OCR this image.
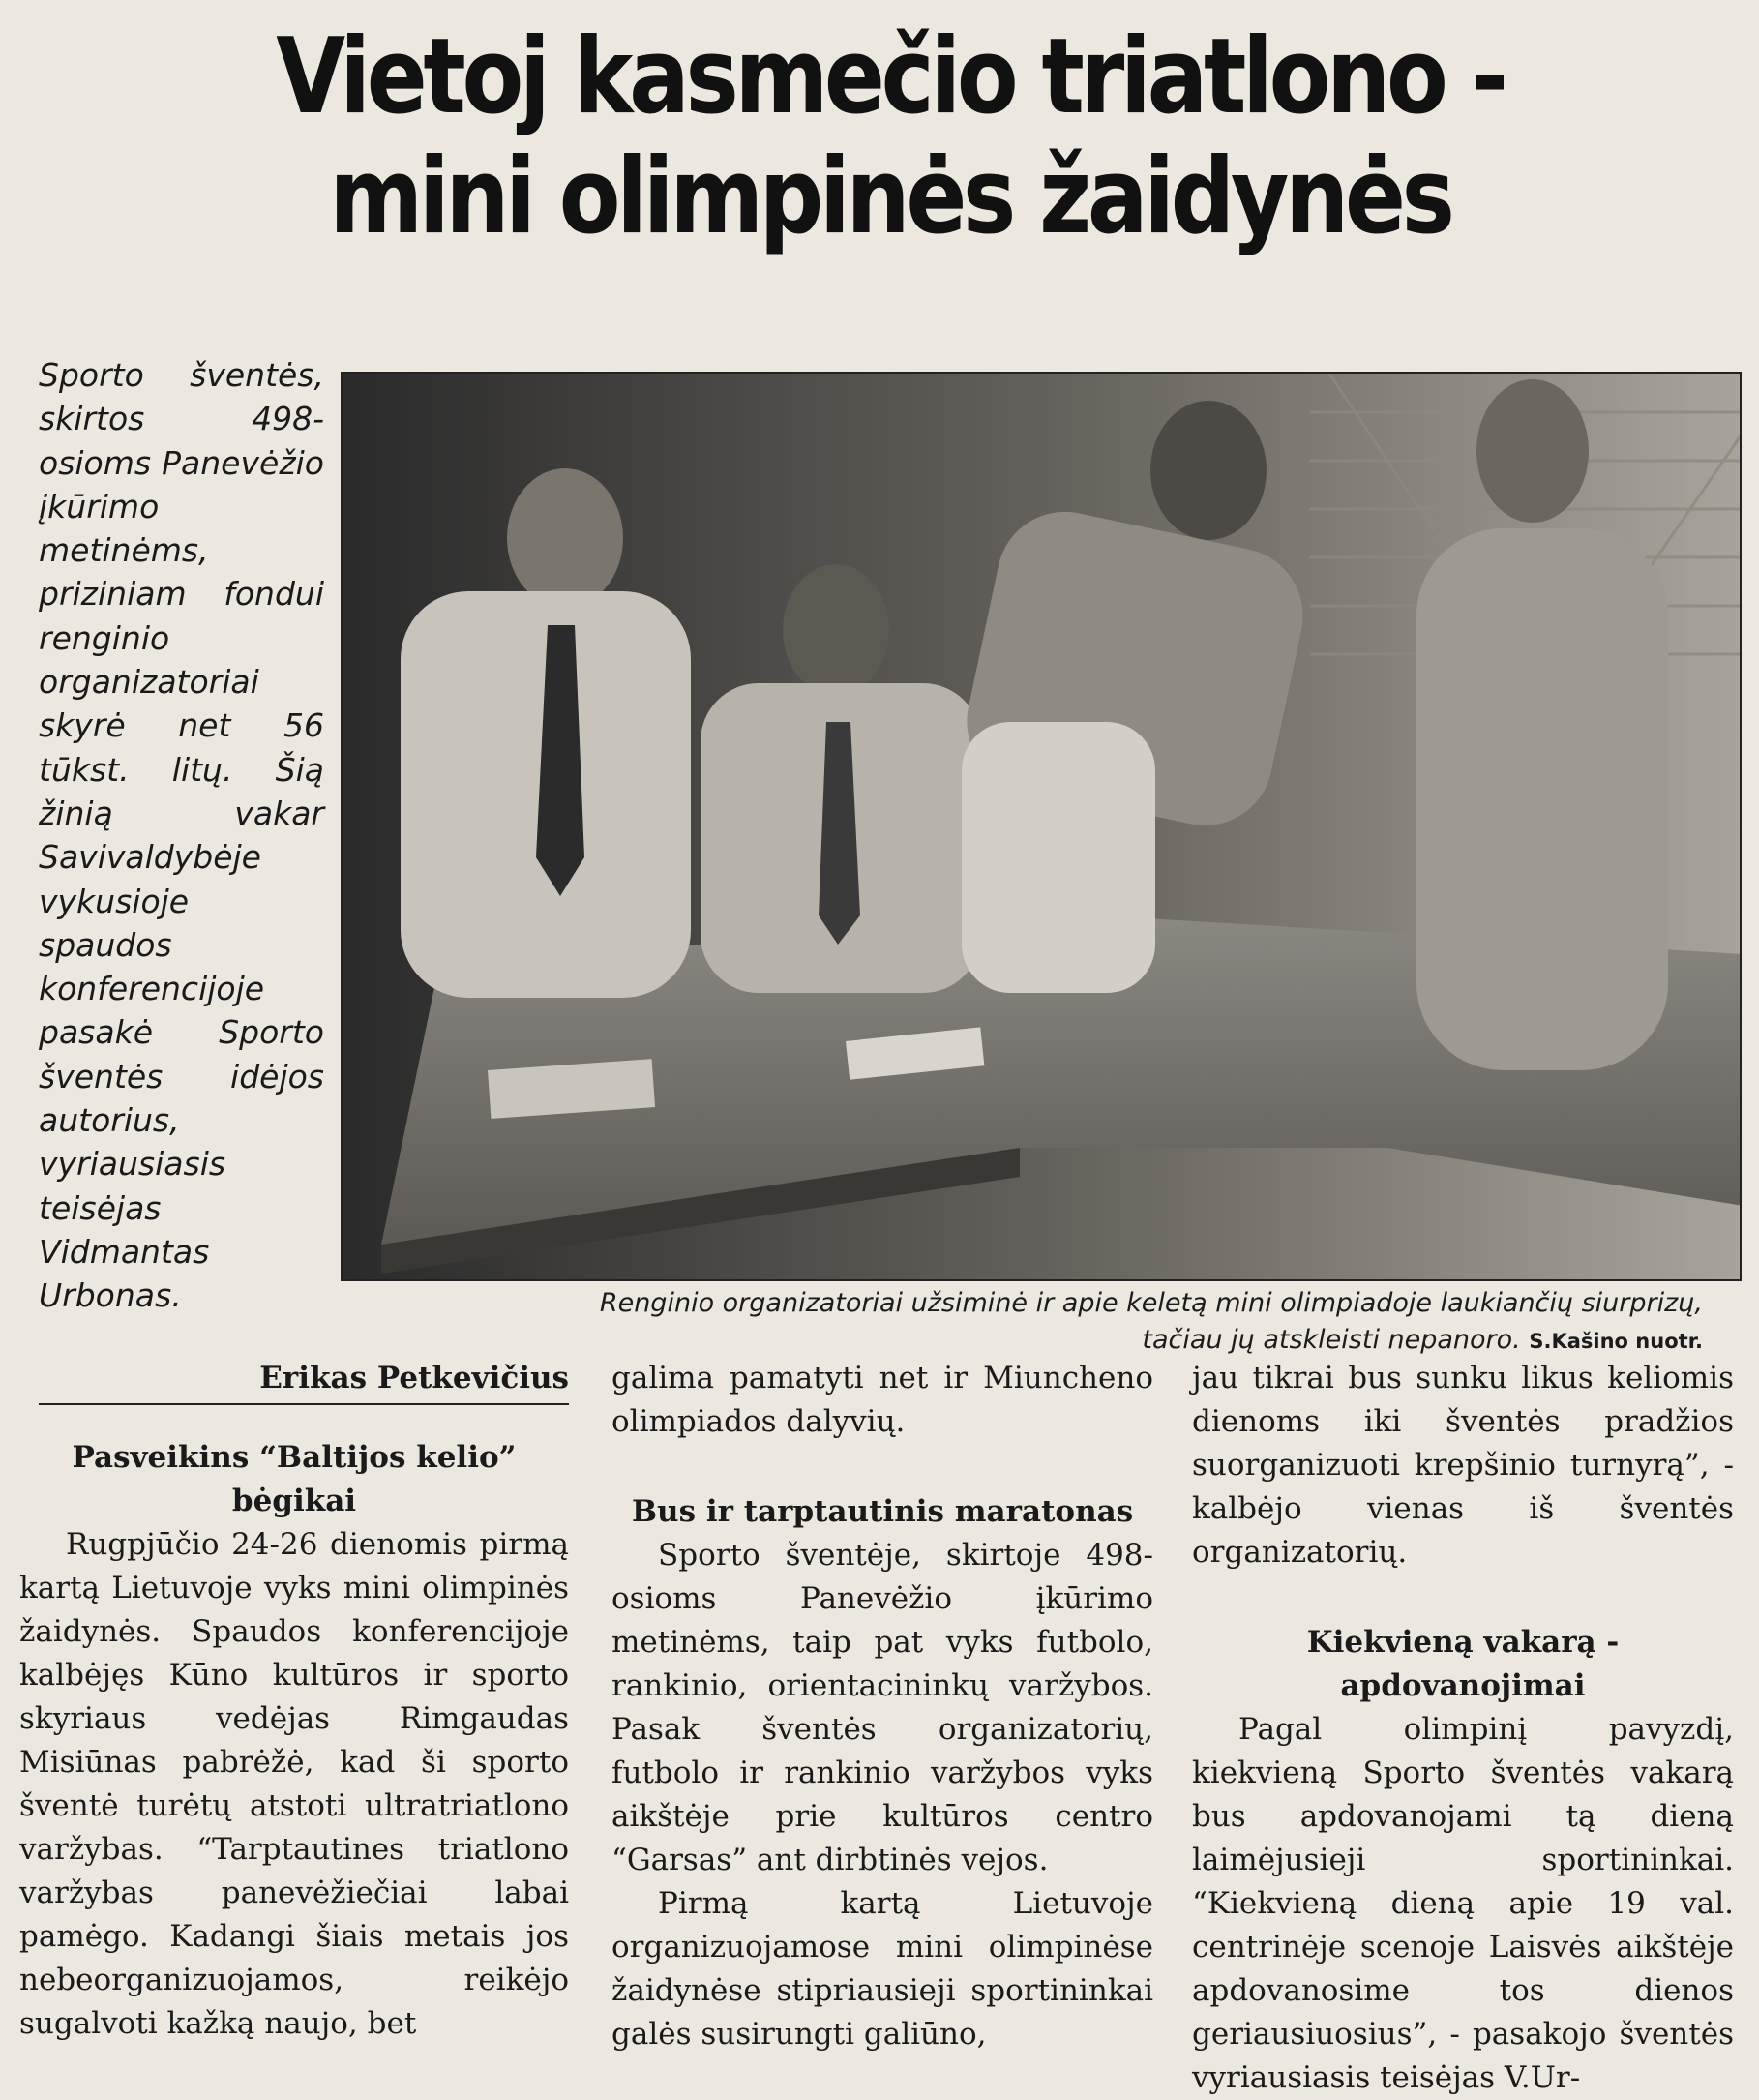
Vietoj kasmečio triatlono -
mini olimpinės žaidynės
Sporto šventės, skirtos 498-osioms Panevėžio įkūrimo metinėms, priziniam fondui renginio organizatoriai skyrė net 56 tūkst. litų. Šią žinią vakar Savivaldybėje vykusioje spaudos konferencijoje pasakė Sporto šventės idėjos autorius, vyriausiasis teisėjas Vidmantas Urbonas.	Renginio organizatoriai užsiminė ir apie keletą mini olimpiadoje laukiančių siurprizų, tačiau jų atskleisti nepanoro. S.Kašino nuotr.
Erikas Petkevičius
Pasveikins “Baltijos kelio” bėgikai

Rugpjūčio 24-26 dienomis pirmą kartą Lietuvoje vyks mini olimpinės žaidynės. Spaudos konferencijoje kalbėjęs Kūno kultūros ir sporto skyriaus vedėjas Rimgaudas Misiūnas pabrėžė, kad ši sporto šventė turėtų atstoti ultratriatlono varžybas. “Tarptautines triatlono varžybas panevėžiečiai labai pamėgo. Kadangi šiais metais jos nebeorganizuojamos, reikėjo sugalvoti kažką naujo, bet

galima pamatyti net ir Miuncheno olimpiados dalyvių.

Bus ir tarptautinis maratonas

Sporto šventėje, skirtoje 498-osioms Panevėžio įkūrimo metinėms, taip pat vyks futbolo, rankinio, orientacininkų varžybos. Pasak šventės organizatorių, futbolo ir rankinio varžybos vyks aikštėje prie kultūros centro “Garsas” ant dirbtinės vejos.

Pirmą kartą Lietuvoje organizuojamose mini olimpinėse žaidynėse stipriausieji sportininkai galės susirungti galiūno,

jau tikrai bus sunku likus keliomis dienoms iki šventės pradžios suorganizuoti krepšinio turnyrą”, - kalbėjo vienas iš šventės organizatorių.

Kiekvieną vakarą - apdovanojimai

Pagal olimpinį pavyzdį, kiekvieną Sporto šventės vakarą bus apdovanojami tą dieną laimėjusieji sportininkai. “Kiekvieną dieną apie 19 val. centrinėje scenoje Laisvės aikštėje apdovanosime tos dienos geriausiuosius”, - pasakojo šventės vyriausiasis teisėjas V.Ur-
